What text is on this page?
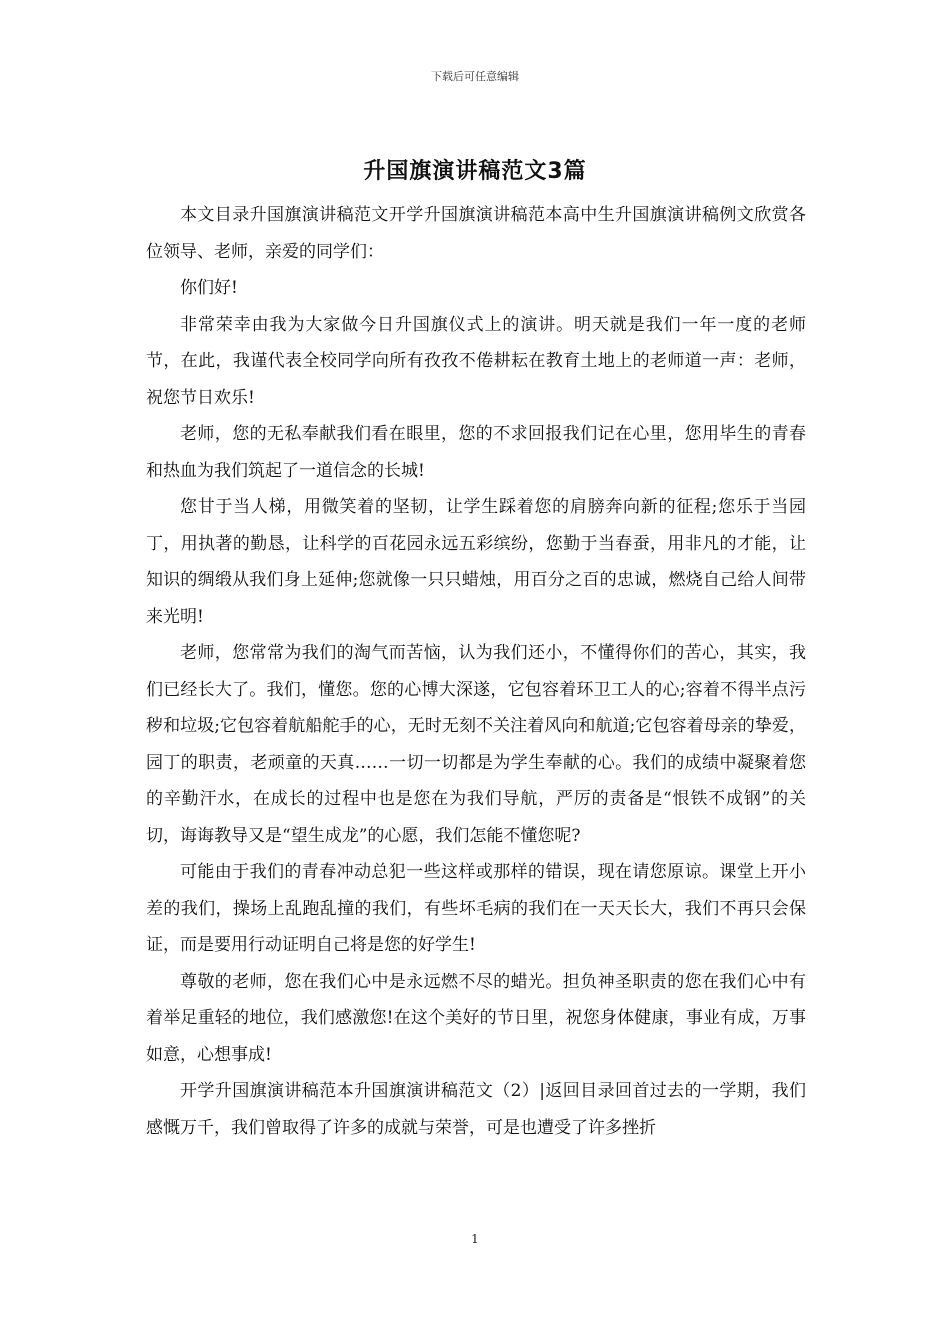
下载后可任意编辑
升国旗演讲稿范文3篇

本文目录升国旗演讲稿范文开学升国旗演讲稿范本高中生升国旗演讲稿例文欣赏各位领导、老师，亲爱的同学们：

你们好!

非常荣幸由我为大家做今日升国旗仪式上的演讲。明天就是我们一年一度的老师节，在此，我谨代表全校同学向所有孜孜不倦耕耘在教育土地上的老师道一声：老师，祝您节日欢乐!

老师，您的无私奉献我们看在眼里，您的不求回报我们记在心里，您用毕生的青春和热血为我们筑起了一道信念的长城!

您甘于当人梯，用微笑着的坚韧，让学生踩着您的肩膀奔向新的征程;您乐于当园丁，用执著的勤恳，让科学的百花园永远五彩缤纷，您勤于当春蚕，用非凡的才能，让知识的绸缎从我们身上延伸;您就像一只只蜡烛，用百分之百的忠诚，燃烧自己给人间带来光明!

老师，您常常为我们的淘气而苦恼，认为我们还小，不懂得你们的苦心，其实，我们已经长大了。我们，懂您。您的心博大深遂，它包容着环卫工人的心;容着不得半点污秽和垃圾;它包容着航船舵手的心，无时无刻不关注着风向和航道;它包容着母亲的挚爱，园丁的职责，老顽童的天真……一切一切都是为学生奉献的心。我们的成绩中凝聚着您的辛勤汗水，在成长的过程中也是您在为我们导航，严厉的责备是“恨铁不成钢”的关切，诲诲教导又是“望生成龙”的心愿，我们怎能不懂您呢?

可能由于我们的青春冲动总犯一些这样或那样的错误，现在请您原谅。课堂上开小差的我们，操场上乱跑乱撞的我们，有些坏毛病的我们在一天天长大，我们不再只会保证，而是要用行动证明自己将是您的好学生!

尊敬的老师，您在我们心中是永远燃不尽的蜡光。担负神圣职责的您在我们心中有着举足重轻的地位，我们感激您!在这个美好的节日里，祝您身体健康，事业有成，万事如意，心想事成!

开学升国旗演讲稿范本升国旗演讲稿范文（2）|返回目录回首过去的一学期，我们感慨万千，我们曾取得了许多的成就与荣誉，可是也遭受了许多挫折

1
